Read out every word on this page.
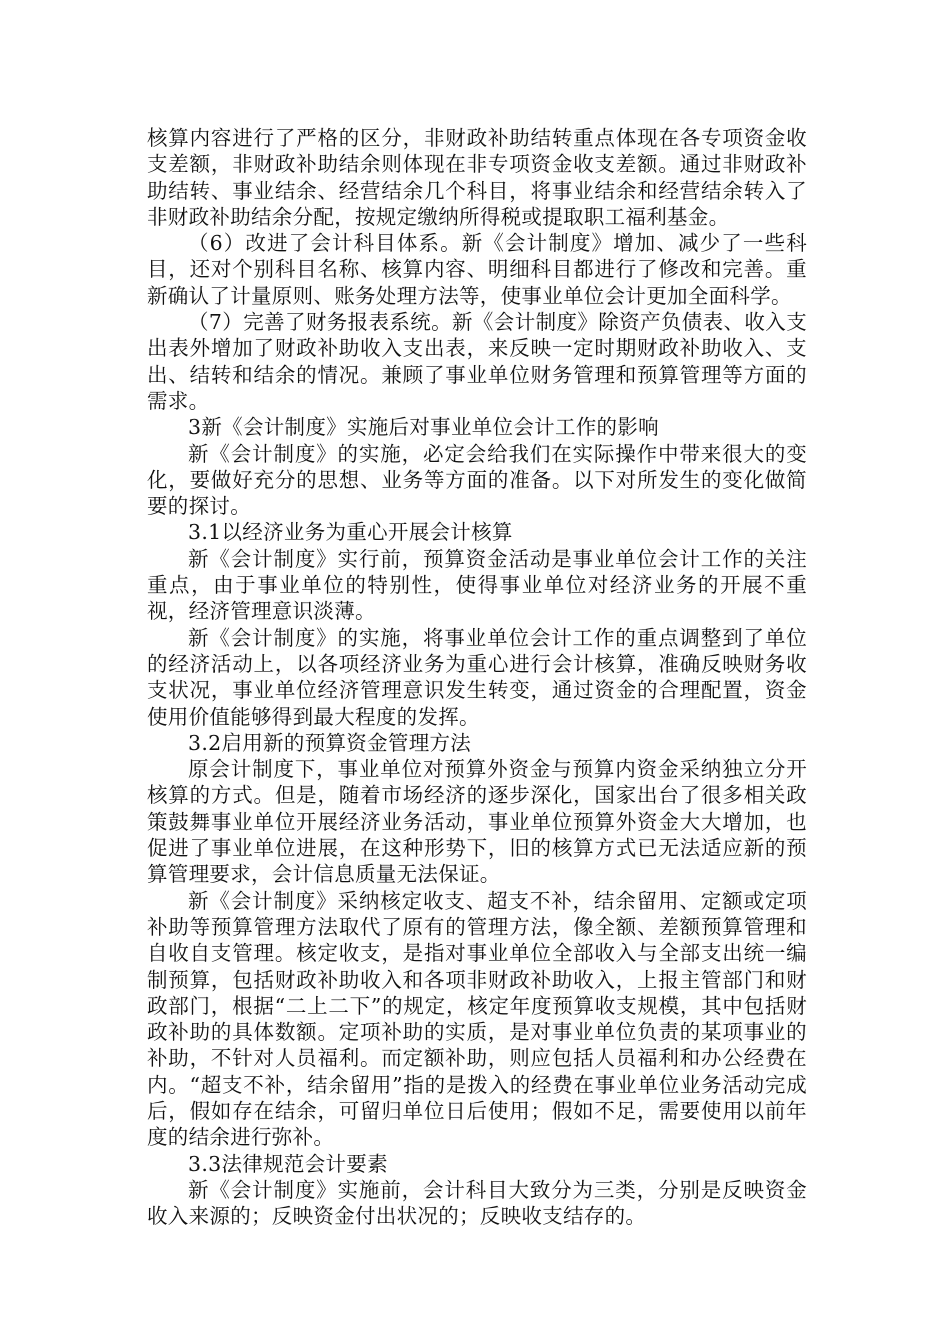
核算内容进行了严格的区分，非财政补助结转重点体现在各专项资金收支差额，非财政补助结余则体现在非专项资金收支差额。通过非财政补助结转、事业结余、经营结余几个科目，将事业结余和经营结余转入了非财政补助结余分配，按规定缴纳所得税或提取职工福利基金。

（6）改进了会计科目体系。新《会计制度》增加、减少了一些科目，还对个别科目名称、核算内容、明细科目都进行了修改和完善。重新确认了计量原则、账务处理方法等，使事业单位会计更加全面科学。

（7）完善了财务报表系统。新《会计制度》除资产负债表、收入支出表外增加了财政补助收入支出表，来反映一定时期财政补助收入、支出、结转和结余的情况。兼顾了事业单位财务管理和预算管理等方面的需求。

3新《会计制度》实施后对事业单位会计工作的影响

新《会计制度》的实施，必定会给我们在实际操作中带来很大的变化，要做好充分的思想、业务等方面的准备。以下对所发生的变化做简要的探讨。

3.1以经济业务为重心开展会计核算

新《会计制度》实行前，预算资金活动是事业单位会计工作的关注重点，由于事业单位的特别性，使得事业单位对经济业务的开展不重视，经济管理意识淡薄。

新《会计制度》的实施，将事业单位会计工作的重点调整到了单位的经济活动上，以各项经济业务为重心进行会计核算，准确反映财务收支状况，事业单位经济管理意识发生转变，通过资金的合理配置，资金使用价值能够得到最大程度的发挥。

3.2启用新的预算资金管理方法

原会计制度下，事业单位对预算外资金与预算内资金采纳独立分开核算的方式。但是，随着市场经济的逐步深化，国家出台了很多相关政策鼓舞事业单位开展经济业务活动，事业单位预算外资金大大增加，也促进了事业单位进展，在这种形势下，旧的核算方式已无法适应新的预算管理要求，会计信息质量无法保证。

新《会计制度》采纳核定收支、超支不补，结余留用、定额或定项补助等预算管理方法取代了原有的管理方法，像全额、差额预算管理和自收自支管理。核定收支，是指对事业单位全部收入与全部支出统一编制预算，包括财政补助收入和各项非财政补助收入，上报主管部门和财政部门，根据“二上二下”的规定，核定年度预算收支规模，其中包括财政补助的具体数额。定项补助的实质，是对事业单位负责的某项事业的补助，不针对人员福利。而定额补助，则应包括人员福利和办公经费在内。“超支不补，结余留用”指的是拨入的经费在事业单位业务活动完成后，假如存在结余，可留归单位日后使用；假如不足，需要使用以前年度的结余进行弥补。

3.3法律规范会计要素

新《会计制度》实施前，会计科目大致分为三类，分别是反映资金收入来源的；反映资金付出状况的；反映收支结存的。
